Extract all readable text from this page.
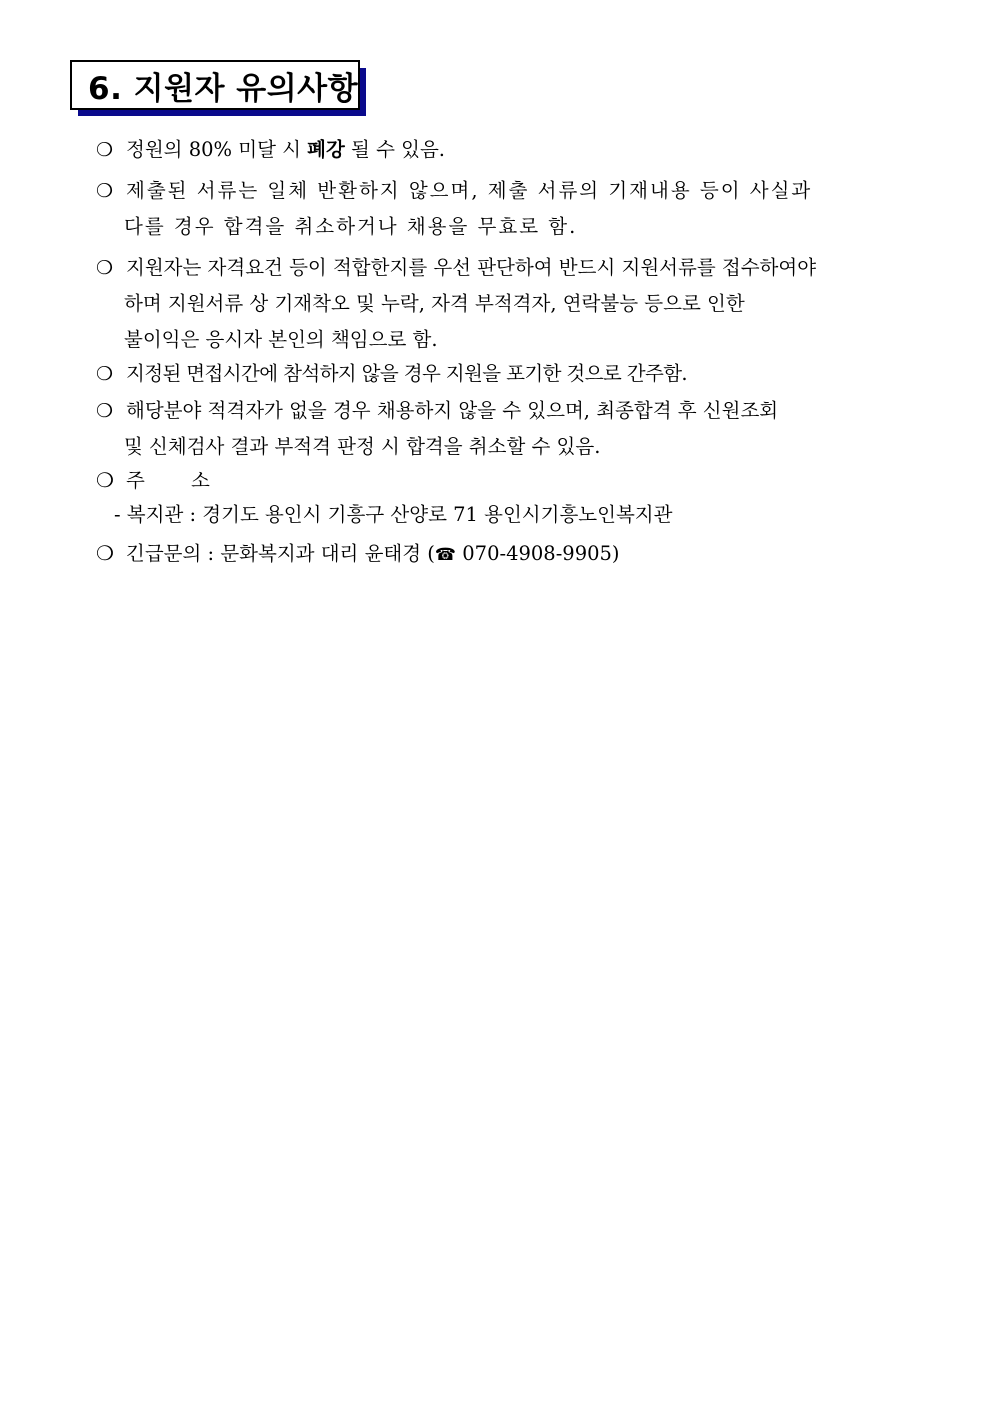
6. 지원자 유의사항
❍ 정원의 80% 미달 시 폐강 될 수 있음.
❍ 제출된 서류는 일체 반환하지 않으며, 제출 서류의 기재내용 등이 사실과
다를 경우 합격을 취소하거나 채용을 무효로 함.
❍ 지원자는 자격요건 등이 적합한지를 우선 판단하여 반드시 지원서류를 접수하여야
하며 지원서류 상 기재착오 및 누락, 자격 부적격자, 연락불능 등으로 인한
불이익은 응시자 본인의 책임으로 함.
❍ 지정된 면접시간에 참석하지 않을 경우 지원을 포기한 것으로 간주함.
❍ 해당분야 적격자가 없을 경우 채용하지 않을 수 있으며, 최종합격 후 신원조회
및 신체검사 결과 부적격 판정 시 합격을 취소할 수 있음.
❍ 주 소
- 복지관 : 경기도 용인시 기흥구 산양로 71 용인시기흥노인복지관
❍ 긴급문의 : 문화복지과 대리 윤태경 (☎ 070-4908-9905)
